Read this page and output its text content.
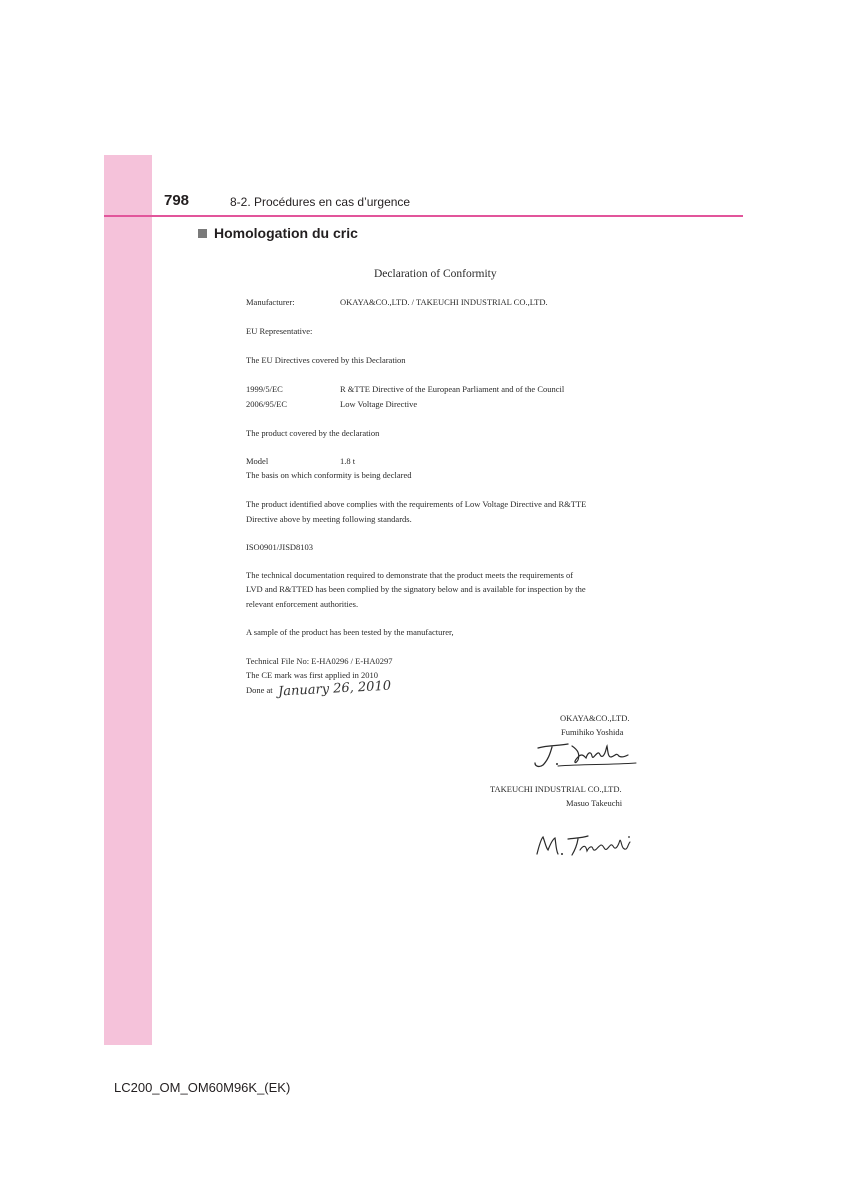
798	8-2. Procédures en cas d’urgence
Homologation du cric
Declaration of Conformity
Manufacturer:	OKAYA&CO.,LTD. / TAKEUCHI INDUSTRIAL CO.,LTD.
EU Representative:
The EU Directives covered by this Declaration
1999/5/EC	R &TTE Directive of the European Parliament and of the Council
2006/95/EC	Low Voltage Directive
The product covered by the declaration
Model	1.8 t
The basis on which conformity is being declared
The product identified above complies with the requirements of Low Voltage Directive and R&TTE
Directive above by meeting following standards.
ISO0901/JISD8103
The technical documentation required to demonstrate that the product meets the requirements of
LVD and R&TTED has been complied by the signatory below and is available for inspection by the
relevant enforcement authorities.
A sample of the product has been tested by the manufacturer,
Technical File No: E-HA0296 / E-HA0297
The CE mark was first applied in 2010
Done at January 26, 2010
OKAYA&CO.,LTD.
Fumihiko Yoshida
TAKEUCHI INDUSTRIAL CO.,LTD.
Masuo Takeuchi
LC200_OM_OM60M96K_(EK)
